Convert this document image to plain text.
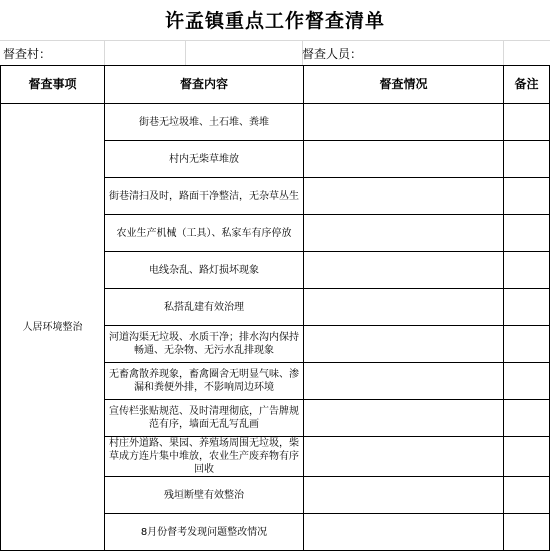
许孟镇重点工作督查清单
督查村：	督查人员：
督查事项	督查内容	督查情况	备注
人居环境整治	街巷无垃圾堆、土石堆、粪堆		
	村内无柴草堆放		
	街巷清扫及时，路面干净整洁，无杂草丛生		
	农业生产机械（工具）、私家车有序停放		
	电线杂乱、路灯损坏现象		
	私搭乱建有效治理		
	河道沟渠无垃圾、水质干净；排水沟内保持畅通、无杂物、无污水乱排现象		
	无畜禽散养现象，畜禽圈舍无明显气味、渗漏和粪便外排，不影响周边环境		
	宣传栏张贴规范、及时清理彻底，广告牌规范有序，墙面无乱写乱画		
	村庄外道路、果园、养殖场周围无垃圾，柴草成方连片集中堆放，农业生产废弃物有序回收		
	残垣断壁有效整治		
	8月份督考发现问题整改情况		
